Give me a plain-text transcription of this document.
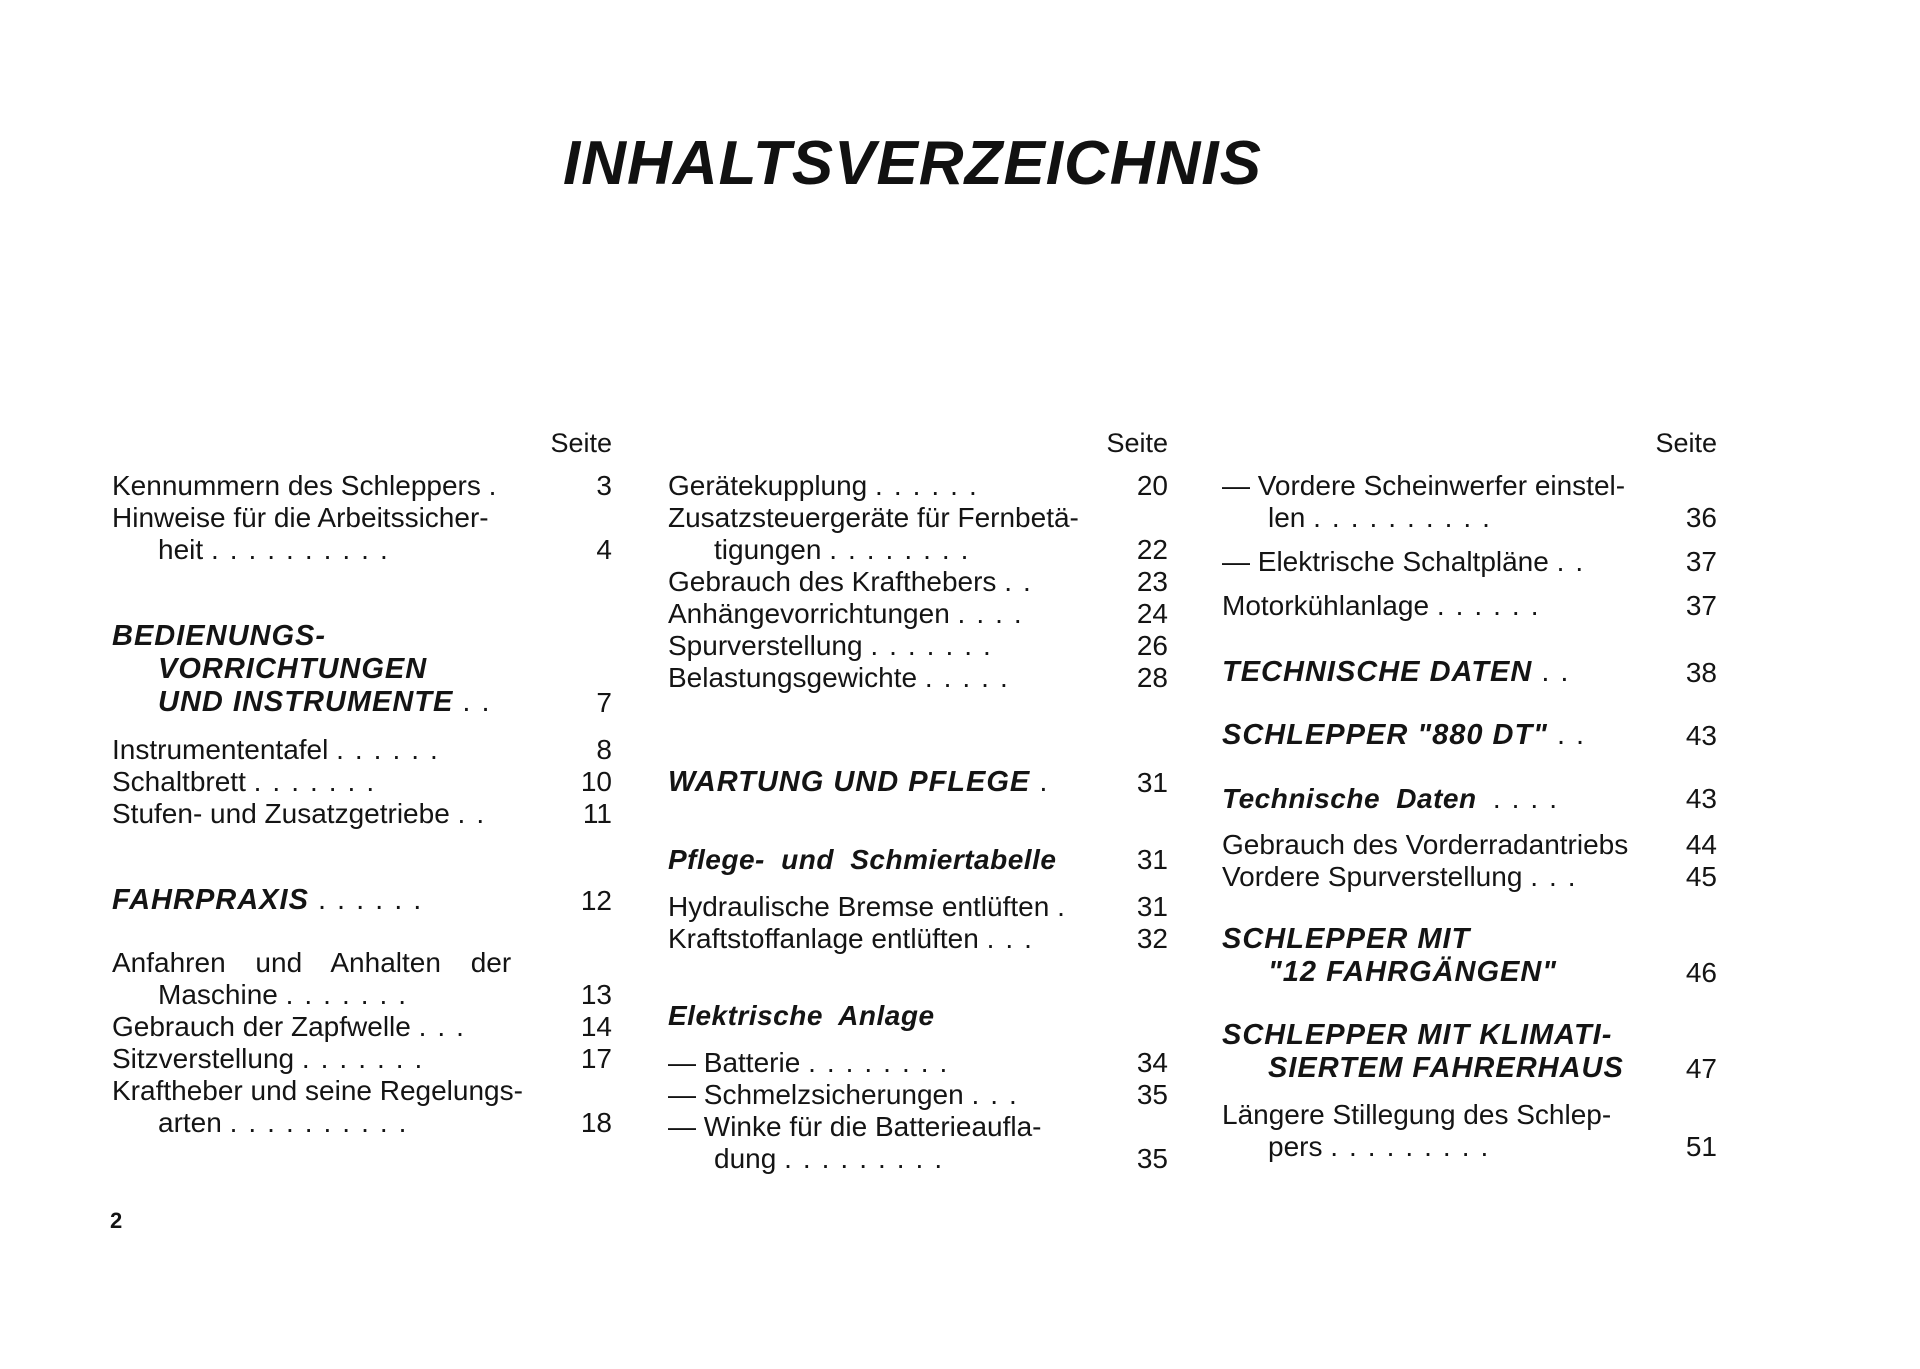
INHALTSVERZEICHNIS
Seite
Kennummern des Schleppers .	3
Hinweise für die Arbeitssicher-
heit ..........	4
BEDIENUNGS-
VORRICHTUNGEN
UND INSTRUMENTE ..	7
Instrumententafel ......	8
Schaltbrett .......	10
Stufen- und Zusatzgetriebe ..	11
FAHRPRAXIS ......	12
Anfahren und Anhalten der
Maschine .......	13
Gebrauch der Zapfwelle ...	14
Sitzverstellung .......	17
Kraftheber und seine Regelungs-
arten ..........	18
Seite
Gerätekupplung ......	20
Zusatzsteuergeräte für Fernbetä-
tigungen ........	22
Gebrauch des Krafthebers ..	23
Anhängevorrichtungen ....	24
Spurverstellung .......	26
Belastungsgewichte .....	28
WARTUNG UND PFLEGE .	31
Pflege- und Schmiertabelle	31
Hydraulische Bremse entlüften .	31
Kraftstoffanlage entlüften ...	32
Elektrische Anlage
— Batterie ........	34
— Schmelzsicherungen ...	35
— Winke für die Batterieaufla-
dung .........	35
Seite
— Vordere Scheinwerfer einstel-
len ..........	36
— Elektrische Schaltpläne ..	37
Motorkühlanlage ......	37
TECHNISCHE DATEN ..	38
SCHLEPPER "880 DT" ..	43
Technische Daten ....	43
Gebrauch des Vorderradantriebs	44
Vordere Spurverstellung ...	45
SCHLEPPER MIT
"12 FAHRGÄNGEN"	46
SCHLEPPER MIT KLIMATI-
SIERTEM FAHRERHAUS	47
Längere Stillegung des Schlep-
pers .........	51
2
